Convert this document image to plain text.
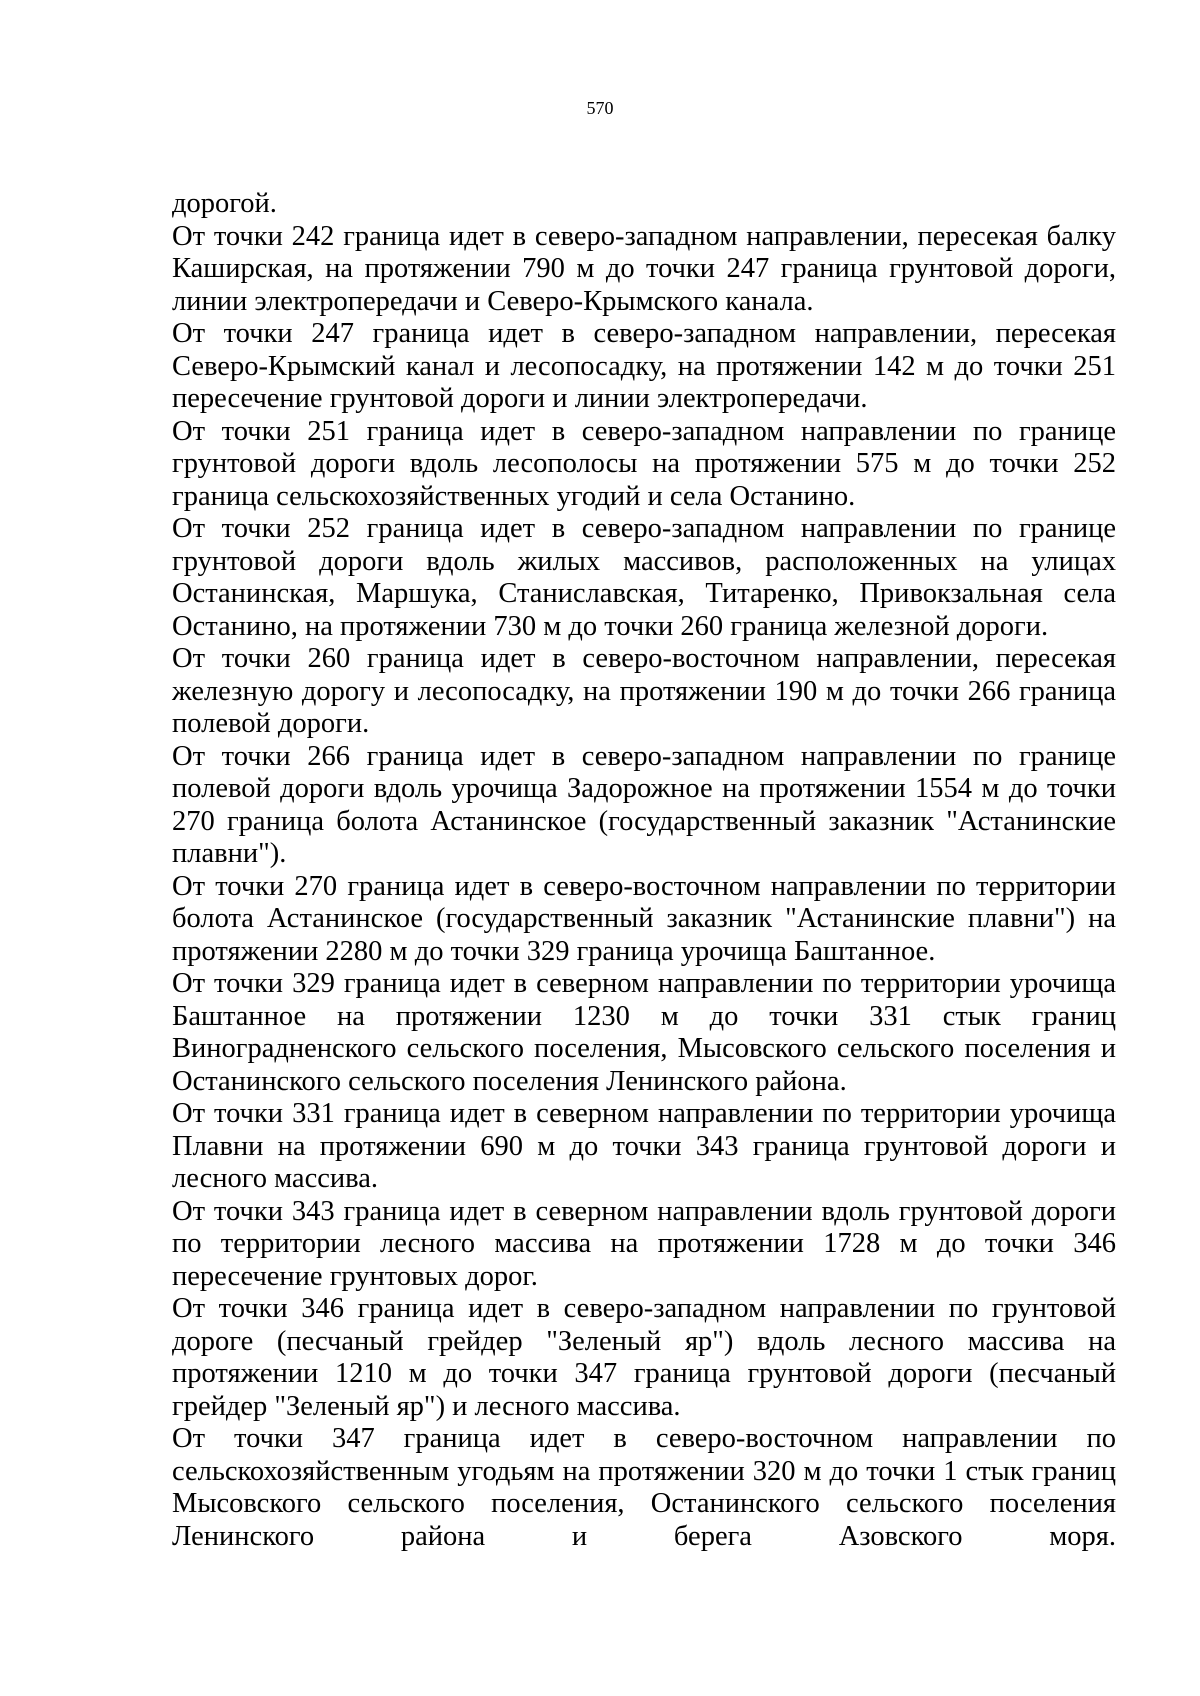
570

дорогой.

От точки 242 граница идет в северо-западном направлении, пересекая балку Каширская, на протяжении 790 м до точки 247 граница грунтовой дороги, линии электропередачи и Северо-Крымского канала.

От точки 247 граница идет в северо-западном направлении, пересекая Северо-Крымский канал и лесопосадку, на протяжении 142 м до точки 251 пересечение грунтовой дороги и линии электропередачи.

От точки 251 граница идет в северо-западном направлении по границе грунтовой дороги вдоль лесополосы на протяжении 575 м до точки 252 граница сельскохозяйственных угодий и села Останино.

От точки 252 граница идет в северо-западном направлении по границе грунтовой дороги вдоль жилых массивов, расположенных на улицах Останинская, Маршука, Станиславская, Титаренко, Привокзальная села Останино, на протяжении 730 м до точки 260 граница железной дороги.

От точки 260 граница идет в северо-восточном направлении, пересекая железную дорогу и лесопосадку, на протяжении 190 м до точки 266 граница полевой дороги.

От точки 266 граница идет в северо-западном направлении по границе полевой дороги вдоль урочища Задорожное на протяжении 1554 м до точки 270 граница болота Астанинское (государственный заказник "Астанинские плавни").

От точки 270 граница идет в северо-восточном направлении по территории болота Астанинское (государственный заказник "Астанинские плавни") на протяжении 2280 м до точки 329 граница урочища Баштанное.

От точки 329 граница идет в северном направлении по территории урочища Баштанное на протяжении 1230 м до точки 331 стык границ Виноградненского сельского поселения, Мысовского сельского поселения и Останинского сельского поселения Ленинского района.

От точки 331 граница идет в северном направлении по территории урочища Плавни на протяжении 690 м до точки 343 граница грунтовой дороги и лесного массива.

От точки 343 граница идет в северном направлении вдоль грунтовой дороги по территории лесного массива на протяжении 1728 м до точки 346 пересечение грунтовых дорог.

От точки 346 граница идет в северо-западном направлении по грунтовой дороге (песчаный грейдер "Зеленый яр") вдоль лесного массива на протяжении 1210 м до точки 347 граница грунтовой дороги (песчаный грейдер "Зеленый яр") и лесного массива.

От точки 347 граница идет в северо-восточном направлении по сельскохозяйственным угодьям на протяжении 320 м до точки 1 стык границ Мысовского сельского поселения, Останинского сельского поселения Ленинского района и берега Азовского моря.
